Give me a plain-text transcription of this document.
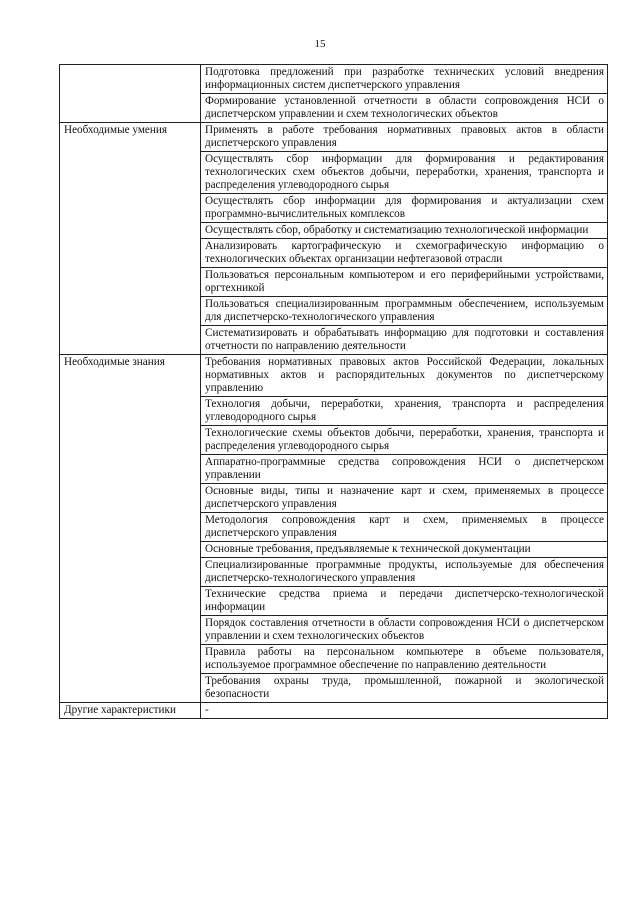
15
	Подготовка предложений при разработке технических условий внедрения информационных систем диспетчерского управления
	Формирование установленной отчетности в области сопровождения НСИ о диспетчерском управлении и схем технологических объектов
Необходимые умения	Применять в работе требования нормативных правовых актов в области диспетчерского управления
	Осуществлять сбор информации для формирования и редактирования технологических схем объектов добычи, переработки, хранения, транспорта и распределения углеводородного сырья
	Осуществлять сбор информации для формирования и актуализации схем программно-вычислительных комплексов
	Осуществлять сбор, обработку и систематизацию технологической информации
	Анализировать картографическую и схемографическую информацию о технологических объектах организации нефтегазовой отрасли
	Пользоваться персональным компьютером и его периферийными устройствами, оргтехникой
	Пользоваться специализированным программным обеспечением, используемым для диспетчерско-технологического управления
	Систематизировать и обрабатывать информацию для подготовки и составления отчетности по направлению деятельности
Необходимые знания	Требования нормативных правовых актов Российской Федерации, локальных нормативных актов и распорядительных документов по диспетчерскому управлению
	Технология добычи, переработки, хранения, транспорта и распределения углеводородного сырья
	Технологические схемы объектов добычи, переработки, хранения, транспорта и распределения углеводородного сырья
	Аппаратно-программные средства сопровождения НСИ о диспетчерском управлении
	Основные виды, типы и назначение карт и схем, применяемых в процессе диспетчерского управления
	Методология сопровождения карт и схем, применяемых в процессе диспетчерского управления
	Основные требования, предъявляемые к технической документации
	Специализированные программные продукты, используемые для обеспечения диспетчерско-технологического управления
	Технические средства приема и передачи диспетчерско-технологической информации
	Порядок составления отчетности в области сопровождения НСИ о диспетчерском управлении и схем технологических объектов
	Правила работы на персональном компьютере в объеме пользователя, используемое программное обеспечение по направлению деятельности
	Требования охраны труда, промышленной, пожарной и экологической безопасности
Другие характеристики	-
